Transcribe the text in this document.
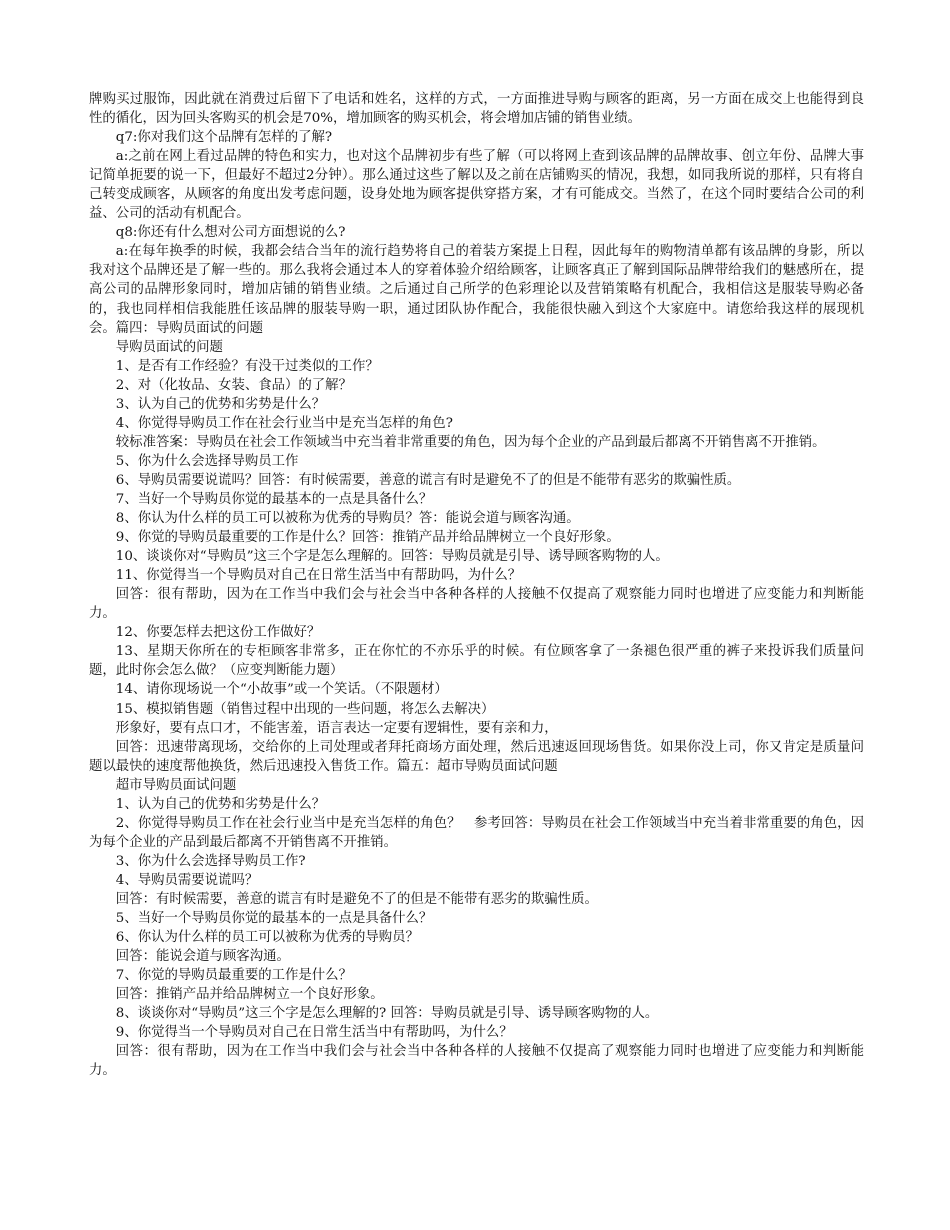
牌购买过服饰，因此就在消费过后留下了电话和姓名，这样的方式，一方面推进导购与顾客的距离，另一方面在成交上也能得到良性的循化，因为回头客购买的机会是70%，增加顾客的购买机会，将会增加店铺的销售业绩。

q7:你对我们这个品牌有怎样的了解?

a:之前在网上看过品牌的特色和实力，也对这个品牌初步有些了解（可以将网上查到该品牌的品牌故事、创立年份、品牌大事记简单扼要的说一下，但最好不超过2分钟）。那么通过这些了解以及之前在店铺购买的情况，我想，如同我所说的那样，只有将自己转变成顾客，从顾客的角度出发考虑问题，设身处地为顾客提供穿搭方案，才有可能成交。当然了，在这个同时要结合公司的利益、公司的活动有机配合。

q8:你还有什么想对公司方面想说的么?

a:在每年换季的时候，我都会结合当年的流行趋势将自己的着装方案提上日程，因此每年的购物清单都有该品牌的身影，所以我对这个品牌还是了解一些的。那么我将会通过本人的穿着体验介绍给顾客，让顾客真正了解到国际品牌带给我们的魅感所在，提高公司的品牌形象同时，增加店铺的销售业绩。之后通过自己所学的色彩理论以及营销策略有机配合，我相信这是服装导购必备的，我也同样相信我能胜任该品牌的服装导购一职，通过团队协作配合，我能很快融入到这个大家庭中。请您给我这样的展现机会。篇四：导购员面试的问题

导购员面试的问题

1、是否有工作经验？有没干过类似的工作？

2、对（化妆品、女装、食品）的了解？

3、认为自己的优势和劣势是什么？

4、你觉得导购员工作在社会行业当中是充当怎样的角色?

较标准答案：导购员在社会工作领域当中充当着非常重要的角色，因为每个企业的产品到最后都离不开销售离不开推销。

5、你为什么会选择导购员工作

6、导购员需要说谎吗？回答：有时候需要，善意的谎言有时是避免不了的但是不能带有恶劣的欺骗性质。

7、当好一个导购员你觉的最基本的一点是具备什么？

8、你认为什么样的员工可以被称为优秀的导购员？答：能说会道与顾客沟通。

9、你觉的导购员最重要的工作是什么？回答：推销产品并给品牌树立一个良好形象。

10、谈谈你对“导购员”这三个字是怎么理解的。回答：导购员就是引导、诱导顾客购物的人。

11、你觉得当一个导购员对自己在日常生活当中有帮助吗，为什么？

回答：很有帮助，因为在工作当中我们会与社会当中各种各样的人接触不仅提高了观察能力同时也增进了应变能力和判断能力。

12、你要怎样去把这份工作做好？

13、星期天你所在的专柜顾客非常多，正在你忙的不亦乐乎的时候。有位顾客拿了一条褪色很严重的裤子来投诉我们质量问题，此时你会怎么做？（应变判断能力题）

14、请你现场说一个“小故事”或一个笑话。（不限题材）

15、模拟销售题（销售过程中出现的一些问题，将怎么去解决）

形象好，要有点口才，不能害羞，语言表达一定要有逻辑性，要有亲和力，

回答：迅速带离现场，交给你的上司处理或者拜托商场方面处理，然后迅速返回现场售货。如果你没上司，你又肯定是质量问题以最快的速度帮他换货，然后迅速投入售货工作。篇五：超市导购员面试问题

超市导购员面试问题

1、认为自己的优势和劣势是什么？

2、你觉得导购员工作在社会行业当中是充当怎样的角色？　参考回答：导购员在社会工作领域当中充当着非常重要的角色，因为每个企业的产品到最后都离不开销售离不开推销。

3、你为什么会选择导购员工作?

4、导购员需要说谎吗？

回答：有时候需要，善意的谎言有时是避免不了的但是不能带有恶劣的欺骗性质。

5、当好一个导购员你觉的最基本的一点是具备什么？

6、你认为什么样的员工可以被称为优秀的导购员？

回答：能说会道与顾客沟通。

7、你觉的导购员最重要的工作是什么？

回答：推销产品并给品牌树立一个良好形象。

8、谈谈你对“导购员”这三个字是怎么理解的? 回答：导购员就是引导、诱导顾客购物的人。

9、你觉得当一个导购员对自己在日常生活当中有帮助吗，为什么？

回答：很有帮助，因为在工作当中我们会与社会当中各种各样的人接触不仅提高了观察能力同时也增进了应变能力和判断能力。
